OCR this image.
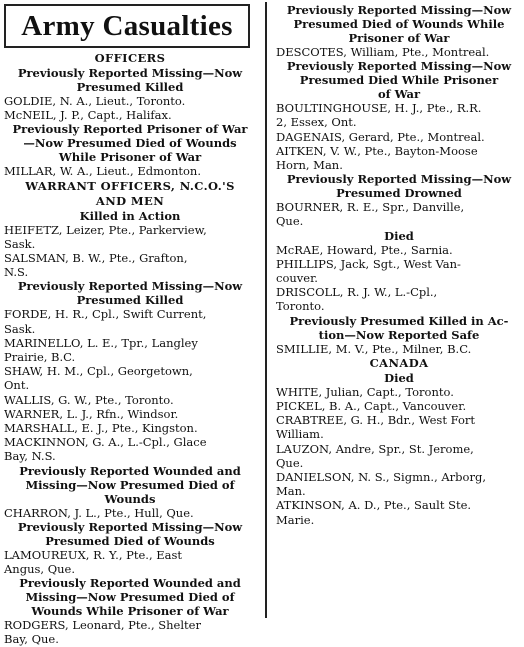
Army Casualties
OFFICERS
Previously Reported Missing—Now
Presumed Killed
GOLDIE, N. A., Lieut., Toronto.
McNEIL, J. P., Capt., Halifax.
Previously Reported Prisoner of War
—Now Presumed Died of Wounds
While Prisoner of War
MILLAR, W. A., Lieut., Edmonton.
WARRANT OFFICERS, N.C.O.'S
AND MEN
Killed in Action
HEIFETZ, Leizer, Pte., Parkerview,
Sask.
SALSMAN, B. W., Pte., Grafton,
N.S.
Previously Reported Missing—Now
Presumed Killed
FORDE, H. R., Cpl., Swift Current,
Sask.
MARINELLO, L. E., Tpr., Langley
Prairie, B.C.
SHAW, H. M., Cpl., Georgetown,
Ont.
WALLIS, G. W., Pte., Toronto.
WARNER, L. J., Rfn., Windsor.
MARSHALL, E. J., Pte., Kingston.
MACKINNON, G. A., L.-Cpl., Glace
Bay, N.S.
Previously Reported Wounded and
Missing—Now Presumed Died of
Wounds
CHARRON, J. L., Pte., Hull, Que.
Previously Reported Missing—Now
Presumed Died of Wounds
LAMOUREUX, R. Y., Pte., East
Angus, Que.
Previously Reported Wounded and
Missing—Now Presumed Died of
Wounds While Prisoner of War
RODGERS, Leonard, Pte., Shelter
Bay, Que.
Previously Reported Missing—Now
Presumed Died of Wounds While
Prisoner of War
DESCOTES, William, Pte., Montreal.
Previously Reported Missing—Now
Presumed Died While Prisoner
of War
BOULTINGHOUSE, H. J., Pte., R.R.
2, Essex, Ont.
DAGENAIS, Gerard, Pte., Montreal.
AITKEN, V. W., Pte., Bayton-Moose
Horn, Man.
Previously Reported Missing—Now
Presumed Drowned
BOURNER, R. E., Spr., Danville,
Que.
Died
McRAE, Howard, Pte., Sarnia.
PHILLIPS, Jack, Sgt., West Van-
couver.
DRISCOLL, R. J. W., L.-Cpl.,
Toronto.
Previously Presumed Killed in Ac-
tion—Now Reported Safe
SMILLIE, M. V., Pte., Milner, B.C.
CANADA
Died
WHITE, Julian, Capt., Toronto.
PICKEL, B. A., Capt., Vancouver.
CRABTREE, G. H., Bdr., West Fort
William.
LAUZON, Andre, Spr., St. Jerome,
Que.
DANIELSON, N. S., Sigmn., Arborg,
Man.
ATKINSON, A. D., Pte., Sault Ste.
Marie.
